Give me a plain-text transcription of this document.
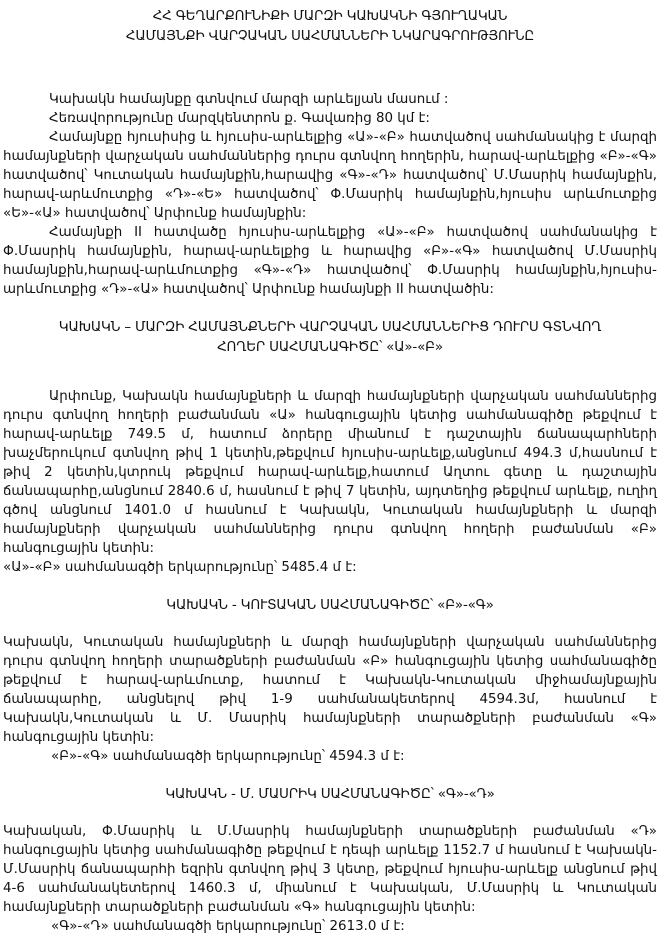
ՀՀ ԳԵՂԱՐՔՈՒՆԻՔԻ ՄԱՐԶԻ ԿԱԽԱԿՆԻ ԳՅՈՒՂԱԿԱՆ ՀԱՄԱՅՆՔԻ ՎԱՐՉԱԿԱՆ ՍԱՀՄԱՆՆԵՐԻ ՆԿԱՐԱԳՐՈՒԹՅՈՒՆԸ

Կախակն համայնքը գտնվում մարզի արևելյան մասում :

Հեռավորությունը մարզկենտրոն ք. Գավառից 80 կմ է:

Համայնքը հյուսիսից և հյուսիս-արևելքից «Ա»-«Բ» հատվածով սահմանակից է մարզի համայնքների վարչական սահմաններից դուրս գտնվող հողերին, հարավ-արևելքից «Բ»-«Գ» հատվածով՝ Կուտական համայնքին,հարավից «Գ»-«Դ» հատվածով՝ Մ.Մասրիկ համայնքին, հարավ-արևմուտքից «Դ»-«Ե» հատվածով՝ Փ.Մասրիկ համայնքին,հյուսիս արևմուտքից «Ե»-«Ա» հատվածով՝ Արփունք համայնքին:

Համայնքի II հատվածը հյուսիս-արևելքից «Ա»-«Բ» հատվածով սահմանակից է Փ.Մասրիկ համայնքին, հարավ-արևելքից և հարավից «Բ»-«Գ» հատվածով Մ.Մասրիկ համայնքին,հարավ-արևմուտքից «Գ»-«Դ» հատվածով՝ Փ.Մասրիկ համայնքին,հյուսիս-արևմուտքից «Դ»-«Ա» հատվածով՝ Արփունք համայնքի II հատվածին:

ԿԱԽԱԿՆ – ՄԱՐԶԻ ՀԱՄԱՅՆՔՆԵՐԻ ՎԱՐՉԱԿԱՆ ՍԱՀՄԱՆՆԵՐԻՑ ԴՈՒՐՍ ԳՏՆՎՈՂ ՀՈՂԵՐ ՍԱՀՄԱՆԱԳԻԾԸ՝ «Ա»-«Բ»

Արփունք, Կախակն համայնքների և մարզի համայնքների վարչական սահմաններից դուրս գտնվող հողերի բաժանման «Ա» հանգուցային կետից սահմանագիծը թեքվում է հարավ-արևելք 749.5 մ, հատում ձորերը միանում է դաշտային ճանապարհների խաչմերուկում գտնվող թիվ 1 կետին,թեքվում հյուսիս-արևելք,անցնում 494.3 մ,հասնում է թիվ 2 կետին,կտրուկ թեքվում հարավ-արևելք,հատում Աղտու գետը և դաշտային ճանապարհը,անցնում 2840.6 մ, հասնում է թիվ 7 կետին, այդտեղից թեքվում արևելք, ուղիղ գծով անցնում 1401.0 մ հասնում է Կախակն, Կուտական համայնքների և մարզի համայնքների վարչական սահմաններից դուրս գտնվող հողերի բաժանման «Բ» հանգուցային կետին:

«Ա»-«Բ» սահմանագծի երկարությունը՝ 5485.4 մ է:

ԿԱԽԱԿՆ - ԿՈՒՏԱԿԱՆ ՍԱՀՄԱՆԱԳԻԾԸ՝ «Բ»-«Գ»

Կախակն, Կուտական համայնքների և մարզի համայնքների վարչական սահմաններից դուրս գտնվող հողերի տարածքների բաժանման «Բ» հանգուցային կետից սահմանագիծը թեքվում է հարավ-արևմուտք, հատում է Կախակն-Կուտական միջհամայնքային ճանապարհը, անցնելով թիվ 1-9 սահմանակետերով 4594.3մ, հասնում է Կախակն,Կուտական և Մ. Մասրիկ համայնքների տարածքների բաժանման «Գ» հանգուցային կետին:

«Բ»-«Գ» սահմանագծի երկարությունը՝ 4594.3 մ է:

ԿԱԽԱԿՆ - Մ. ՄԱՍՐԻԿ ՍԱՀՄԱՆԱԳԻԾԸ՝ «Գ»-«Դ»

Կախական, Փ.Մասրիկ և Մ.Մասրիկ համայնքների տարածքների բաժանման «Դ» հանգուցային կետից սահմանագիծը թեքվում է դեպի արևելք 1152.7 մ հասնում է Կախակն-Մ.Մասրիկ ճանապարհի եզրին գտնվող թիվ 3 կետը, թեքվում հյուսիս-արևելք անցնում թիվ 4-6 սահմանակետերով 1460.3 մ, միանում է Կախական, Մ.Մասրիկ և Կուտական համայնքների տարածքների բաժանման «Գ» հանգուցային կետին:

«Գ»-«Դ» սահմանագծի երկարությունը՝ 2613.0 մ է:
